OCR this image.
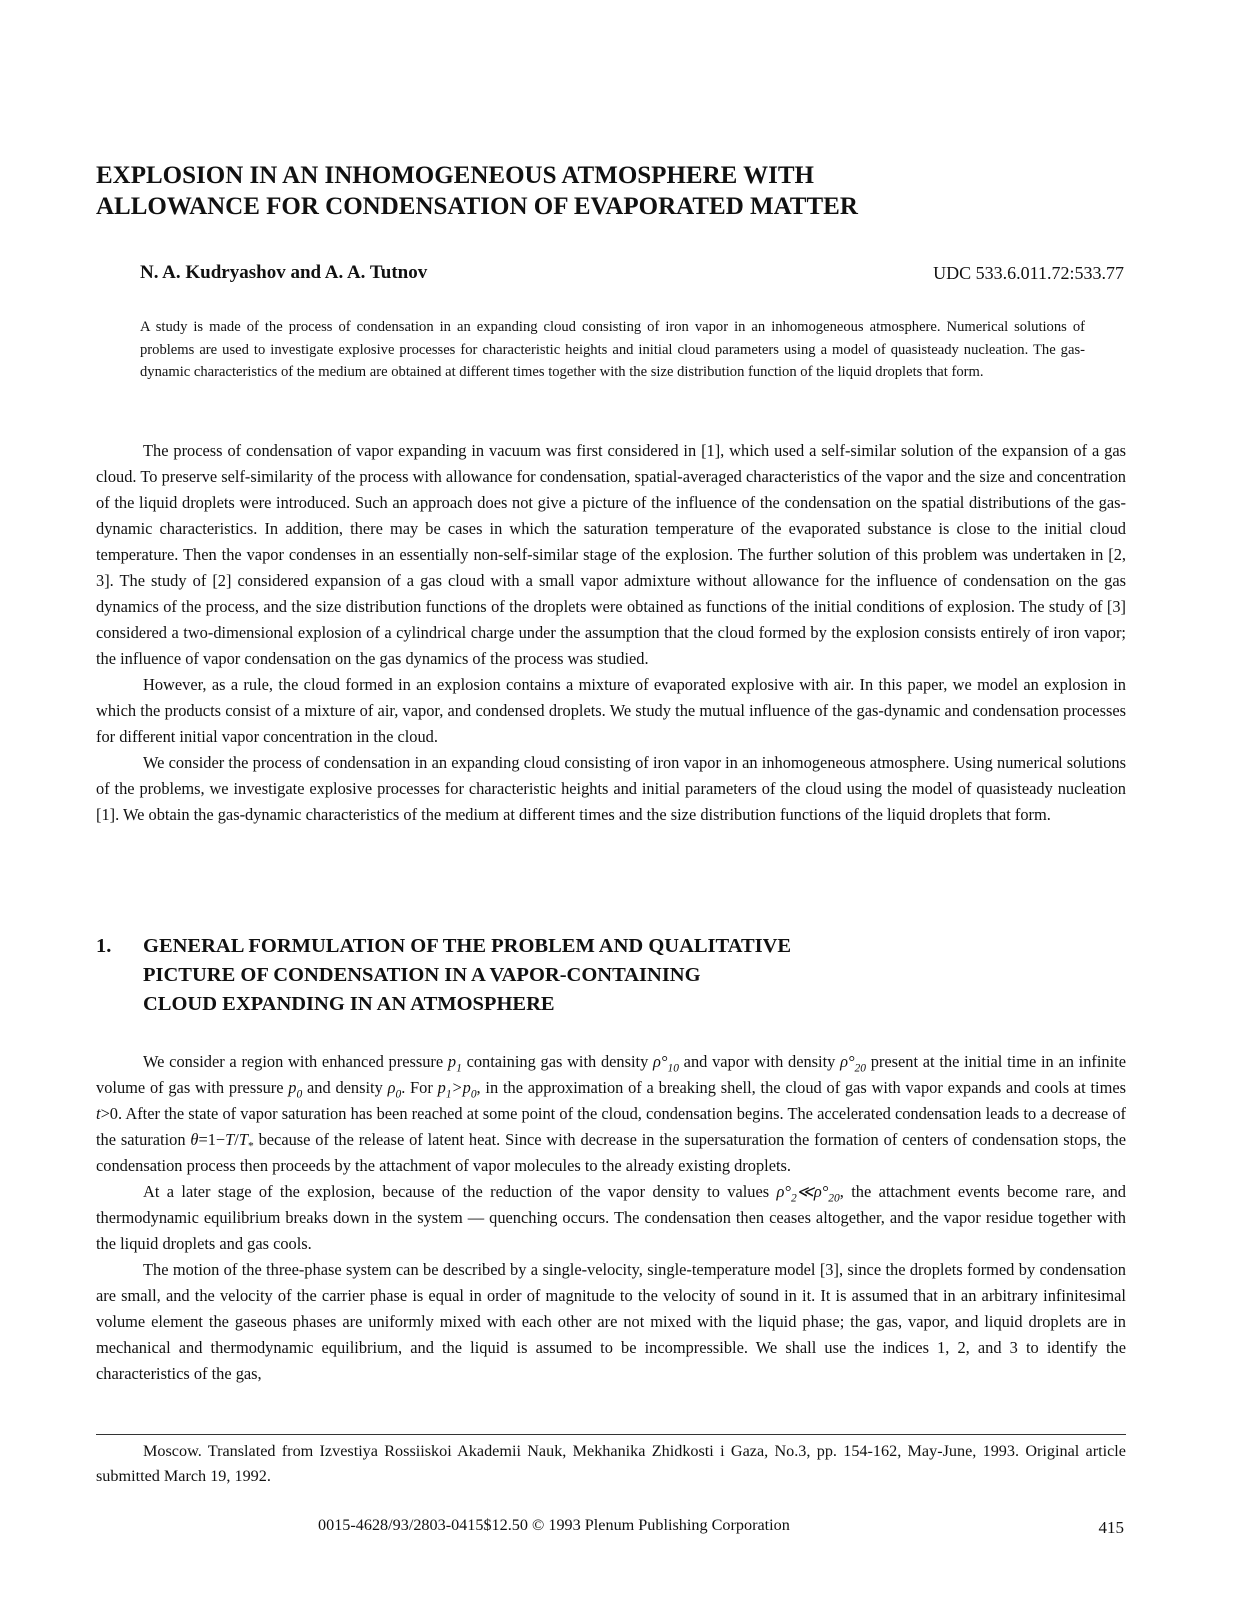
EXPLOSION IN AN INHOMOGENEOUS ATMOSPHERE WITH
ALLOWANCE FOR CONDENSATION OF EVAPORATED MATTER
N. A. Kudryashov and A. A. Tutnov	UDC 533.6.011.72:533.77
A study is made of the process of condensation in an expanding cloud consisting of iron vapor in an inhomogeneous atmosphere. Numerical solutions of problems are used to investigate explosive processes for characteristic heights and initial cloud parameters using a model of quasisteady nucleation. The gas-dynamic characteristics of the medium are obtained at different times together with the size distribution function of the liquid droplets that form.

The process of condensation of vapor expanding in vacuum was first considered in [1], which used a self-similar solution of the expansion of a gas cloud. To preserve self-similarity of the process with allowance for condensation, spatial-averaged characteristics of the vapor and the size and concentration of the liquid droplets were introduced. Such an approach does not give a picture of the influence of the condensation on the spatial distributions of the gas-dynamic characteristics. In addition, there may be cases in which the saturation temperature of the evaporated substance is close to the initial cloud temperature. Then the vapor condenses in an essentially non-self-similar stage of the explosion. The further solution of this problem was undertaken in [2, 3]. The study of [2] considered expansion of a gas cloud with a small vapor admixture without allowance for the influence of condensation on the gas dynamics of the process, and the size distribution functions of the droplets were obtained as functions of the initial conditions of explosion. The study of [3] considered a two-dimensional explosion of a cylindrical charge under the assumption that the cloud formed by the explosion consists entirely of iron vapor; the influence of vapor condensation on the gas dynamics of the process was studied.

However, as a rule, the cloud formed in an explosion contains a mixture of evaporated explosive with air. In this paper, we model an explosion in which the products consist of a mixture of air, vapor, and condensed droplets. We study the mutual influence of the gas-dynamic and condensation processes for different initial vapor concentration in the cloud.

We consider the process of condensation in an expanding cloud consisting of iron vapor in an inhomogeneous atmosphere. Using numerical solutions of the problems, we investigate explosive processes for characteristic heights and initial parameters of the cloud using the model of quasisteady nucleation [1]. We obtain the gas-dynamic characteristics of the medium at different times and the size distribution functions of the liquid droplets that form.

1. GENERAL FORMULATION OF THE PROBLEM AND QUALITATIVE
PICTURE OF CONDENSATION IN A VAPOR-CONTAINING
CLOUD EXPANDING IN AN ATMOSPHERE

We consider a region with enhanced pressure $p_1$ containing gas with density $\rho^\circ_{10}$ and vapor with density $\rho^\circ_{20}$ present at the initial time in an infinite volume of gas with pressure $p_0$ and density $\rho_0$. For $p_1>p_0$, in the approximation of a breaking shell, the cloud of gas with vapor expands and cools at times t>0. After the state of vapor saturation has been reached at some point of the cloud, condensation begins. The accelerated condensation leads to a decrease of the saturation $\theta=1-T/T_*$ because of the release of latent heat. Since with decrease in the supersaturation the formation of centers of condensation stops, the condensation process then proceeds by the attachment of vapor molecules to the already existing droplets.

At a later stage of the explosion, because of the reduction of the vapor density to values $\rho^\circ_2≪\rho^\circ_{20}$, the attachment events become rare, and thermodynamic equilibrium breaks down in the system — quenching occurs. The condensation then ceases altogether, and the vapor residue together with the liquid droplets and gas cools.

The motion of the three-phase system can be described by a single-velocity, single-temperature model [3], since the droplets formed by condensation are small, and the velocity of the carrier phase is equal in order of magnitude to the velocity of sound in it. It is assumed that in an arbitrary infinitesimal volume element the gaseous phases are uniformly mixed with each other are not mixed with the liquid phase; the gas, vapor, and liquid droplets are in mechanical and thermodynamic equilibrium, and the liquid is assumed to be incompressible. We shall use the indices 1, 2, and 3 to identify the characteristics of the gas,

Moscow. Translated from Izvestiya Rossiiskoi Akademii Nauk, Mekhanika Zhidkosti i Gaza, No.3, pp. 154-162, May-June, 1993. Original article submitted March 19, 1992.

0015-4628/93/2803-0415$12.50 © 1993 Plenum Publishing Corporation	415
